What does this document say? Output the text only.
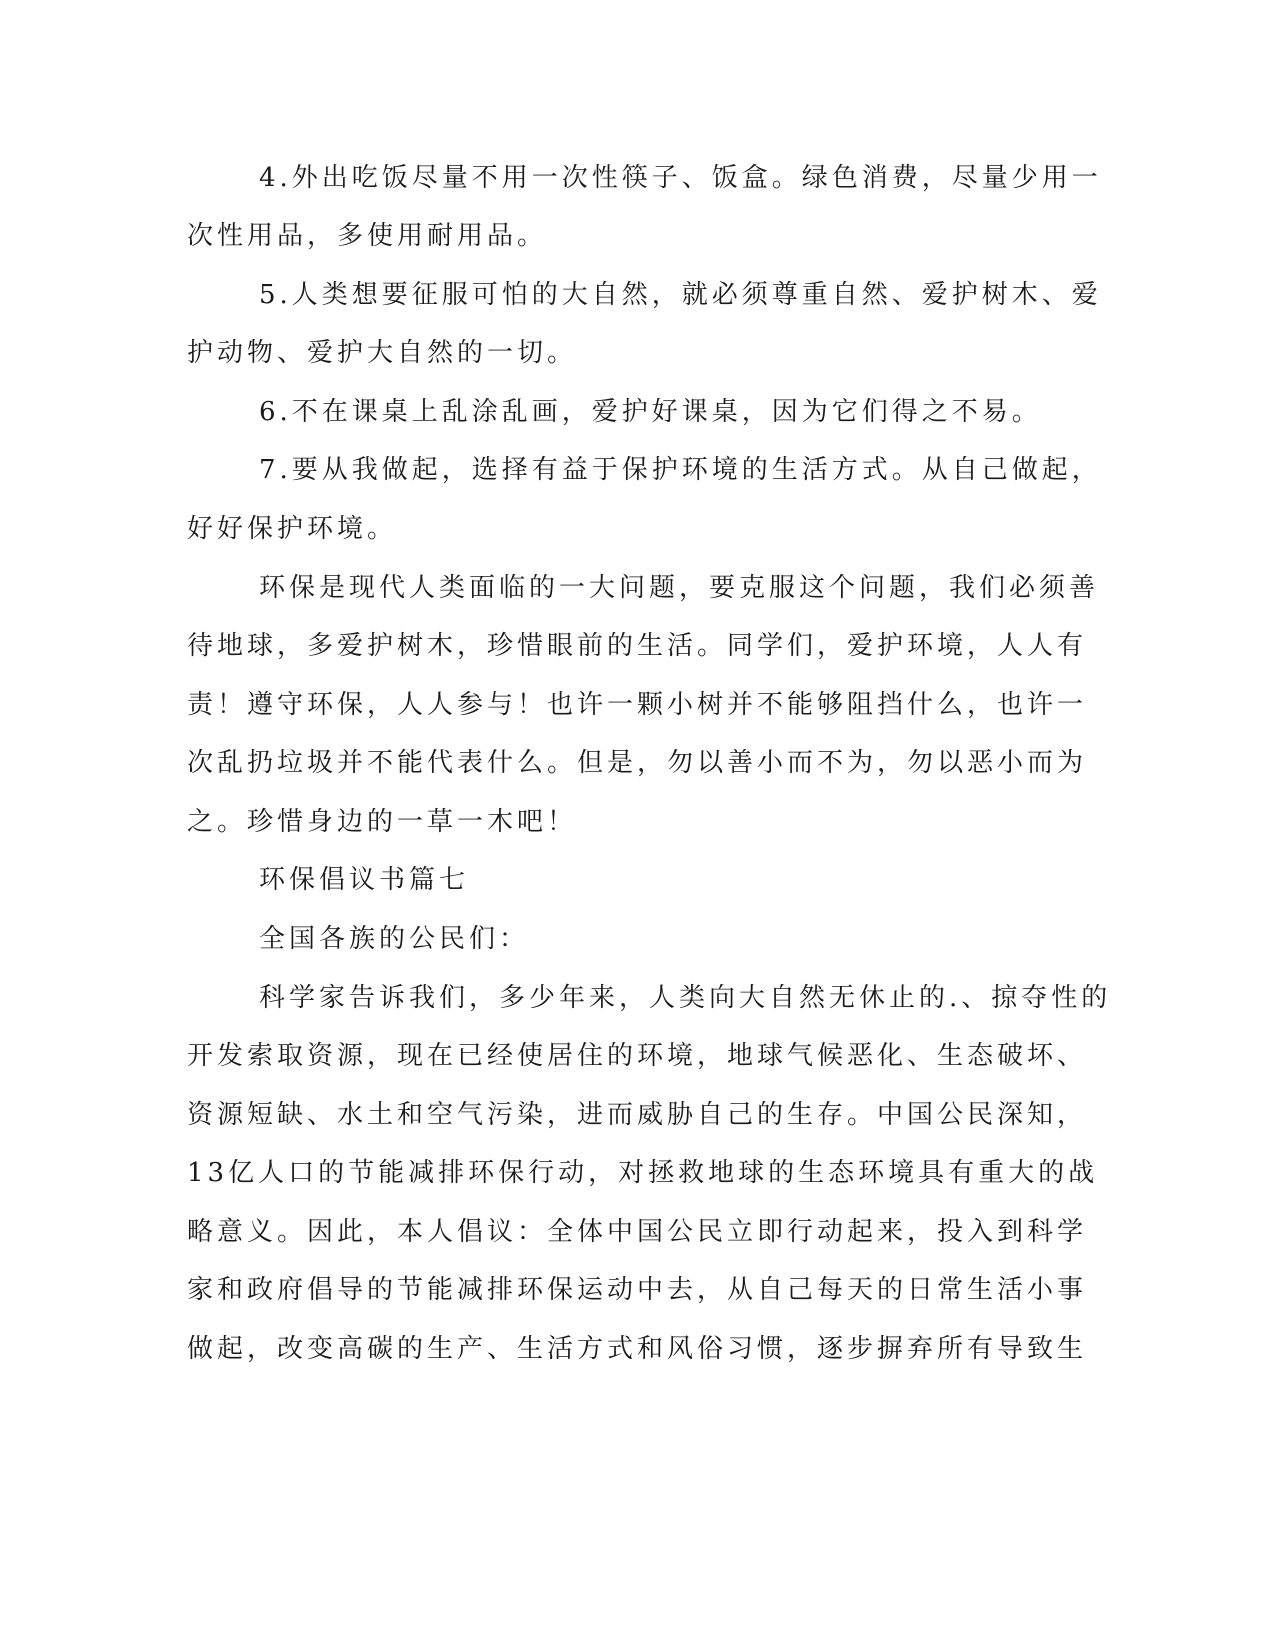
4.外出吃饭尽量不用一次性筷子、饭盒。绿色消费，尽量少用一
次性用品，多使用耐用品。
5.人类想要征服可怕的大自然，就必须尊重自然、爱护树木、爱
护动物、爱护大自然的一切。
6.不在课桌上乱涂乱画，爱护好课桌，因为它们得之不易。
7.要从我做起，选择有益于保护环境的生活方式。从自己做起，
好好保护环境。
环保是现代人类面临的一大问题，要克服这个问题，我们必须善
待地球，多爱护树木，珍惜眼前的生活。同学们，爱护环境，人人有
责！遵守环保，人人参与！也许一颗小树并不能够阻挡什么，也许一
次乱扔垃圾并不能代表什么。但是，勿以善小而不为，勿以恶小而为
之。珍惜身边的一草一木吧！
环保倡议书篇七
全国各族的公民们：
科学家告诉我们，多少年来，人类向大自然无休止的.、掠夺性的
开发索取资源，现在已经使居住的环境，地球气候恶化、生态破坏、
资源短缺、水土和空气污染，进而威胁自己的生存。中国公民深知，
13亿人口的节能减排环保行动，对拯救地球的生态环境具有重大的战
略意义。因此，本人倡议：全体中国公民立即行动起来，投入到科学
家和政府倡导的节能减排环保运动中去，从自己每天的日常生活小事
做起，改变高碳的生产、生活方式和风俗习惯，逐步摒弃所有导致生
